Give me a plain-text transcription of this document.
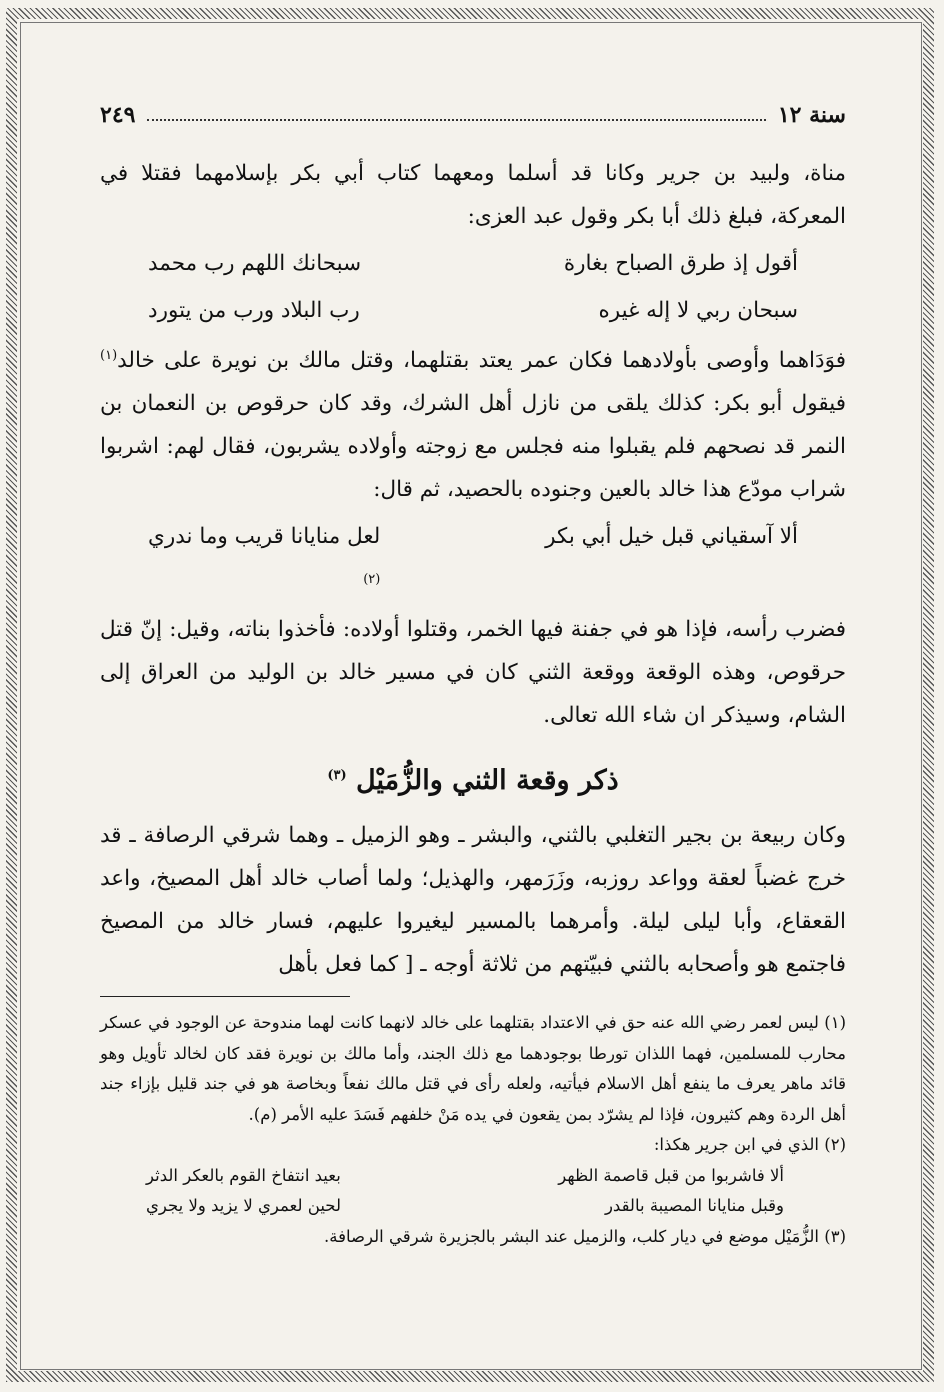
سنة ١٢
٢٤٩

مناة، ولبيد بن جرير وكانا قد أسلما ومعهما كتاب أبي بكر بإسلامهما فقتلا في المعركة، فبلغ ذلك أبا بكر وقول عبد العزى:

أقول إذ طرق الصباح بغارة
سبحانك اللهم رب محمد
سبحان ربي لا إله غيره
رب البلاد ورب من يتورد

فوَدَاهما وأوصى بأولادهما فكان عمر يعتد بقتلهما، وقتل مالك بن نويرة على خالد$^{(١)}$ فيقول أبو بكر: كذلك يلقى من نازل أهل الشرك، وقد كان حرقوص بن النعمان بن النمر قد نصحهم فلم يقبلوا منه فجلس مع زوجته وأولاده يشربون، فقال لهم: اشربوا شراب مودّع هذا خالد بالعين وجنوده بالحصيد، ثم قال:

ألا آسقياني قبل خيل أبي بكر
لعل منايانا قريب وما ندري
$^{(٢)}$

فضرب رأسه، فإذا هو في جفنة فيها الخمر، وقتلوا أولاده: فأخذوا بناته، وقيل: إنّ قتل حرقوص، وهذه الوقعة ووقعة الثني كان في مسير خالد بن الوليد من العراق إلى الشام، وسيذكر ان شاء الله تعالى.

ذكر وقعة الثني والزُّمَيْل $^{(٣)}$

وكان ربيعة بن بجير التغلبي بالثني، والبشر ـ وهو الزميل ـ وهما شرقي الرصافة ـ قد خرج غضباً لعقة وواعد روزبه، وزَرَمهر، والهذيل؛ ولما أصاب خالد أهل المصيخ، واعد القعقاع، وأبا ليلى ليلة. وأمرهما بالمسير ليغيروا عليهم، فسار خالد من المصيخ فاجتمع هو وأصحابه بالثني فبيّتهم من ثلاثة أوجه ـ [ كما فعل بأهل

(١) ليس لعمر رضي الله عنه حق في الاعتداد بقتلهما على خالد لانهما كانت لهما مندوحة عن الوجود في عسكر محارب للمسلمين، فهما اللذان تورطا بوجودهما مع ذلك الجند، وأما مالك بن نويرة فقد كان لخالد تأويل وهو قائد ماهر يعرف ما ينفع أهل الاسلام فيأتيه، ولعله رأى في قتل مالك نفعاً وبخاصة هو في جند قليل بإزاء جند أهل الردة وهم كثيرون، فإذا لم يشرّد بمن يقعون في يده مَنْ خلفهم فَسَدَ عليه الأمر (م).

(٢) الذي في ابن جرير هكذا:

ألا فاشربوا من قبل قاصمة الظهر
بعيد انتفاخ القوم بالعكر الدثر
وقبل منايانا المصيبة بالقدر
لحين لعمري لا يزيد ولا يجري

(٣) الزُّمَيْل موضع في ديار كلب، والزميل عند البشر بالجزيرة شرقي الرصافة.
